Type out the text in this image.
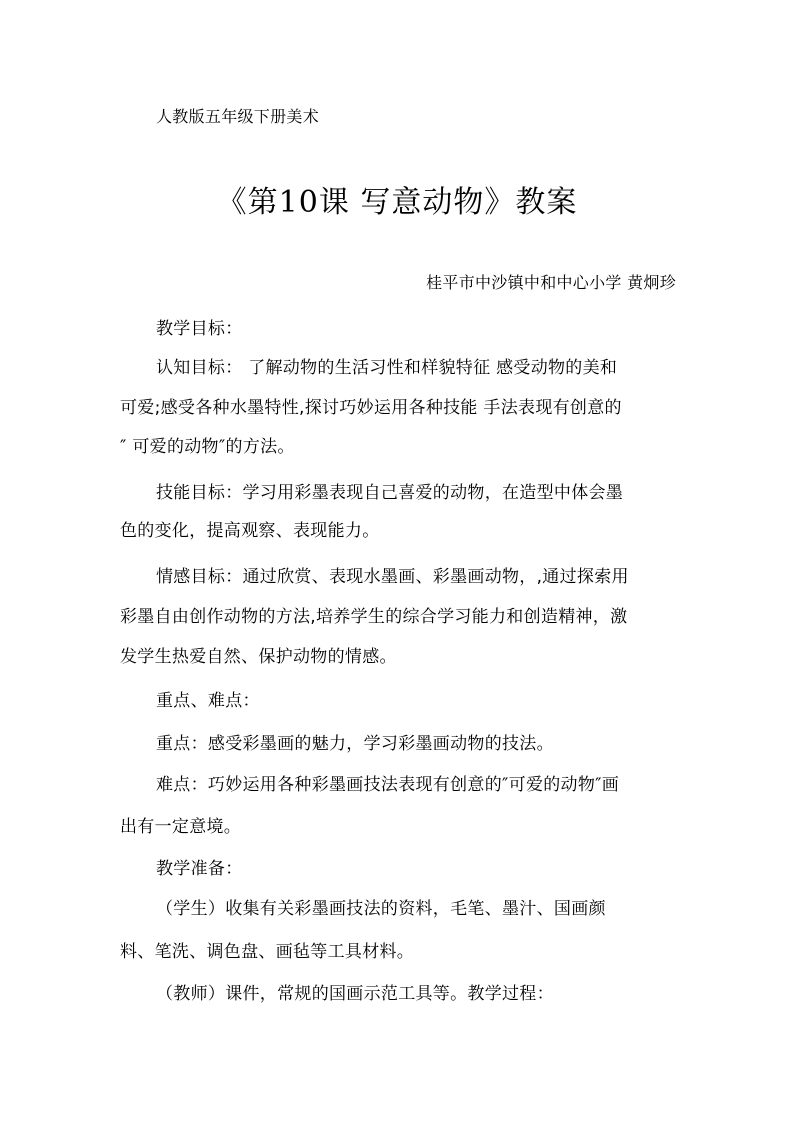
人教版五年级下册美术
《第10课 写意动物》教案
桂平市中沙镇中和中心小学 黄炯珍
教学目标：
认知目标： 了解动物的生活习性和样貌特征 感受动物的美和
可爱;感受各种水墨特性,探讨巧妙运用各种技能 手法表现有创意的
″ 可爱的动物″的方法。
技能目标：学习用彩墨表现自己喜爱的动物，在造型中体会墨
色的变化，提高观察、表现能力。
情感目标：通过欣赏、表现水墨画、彩墨画动物，,通过探索用
彩墨自由创作动物的方法,培养学生的综合学习能力和创造精神，激
发学生热爱自然、保护动物的情感。
重点、难点：
重点：感受彩墨画的魅力，学习彩墨画动物的技法。
难点：巧妙运用各种彩墨画技法表现有创意的″可爱的动物″画
出有一定意境。
教学准备：
（学生）收集有关彩墨画技法的资料，毛笔、墨汁、国画颜
料、笔洗、调色盘、画毡等工具材料。
（教师）课件，常规的国画示范工具等。教学过程：
